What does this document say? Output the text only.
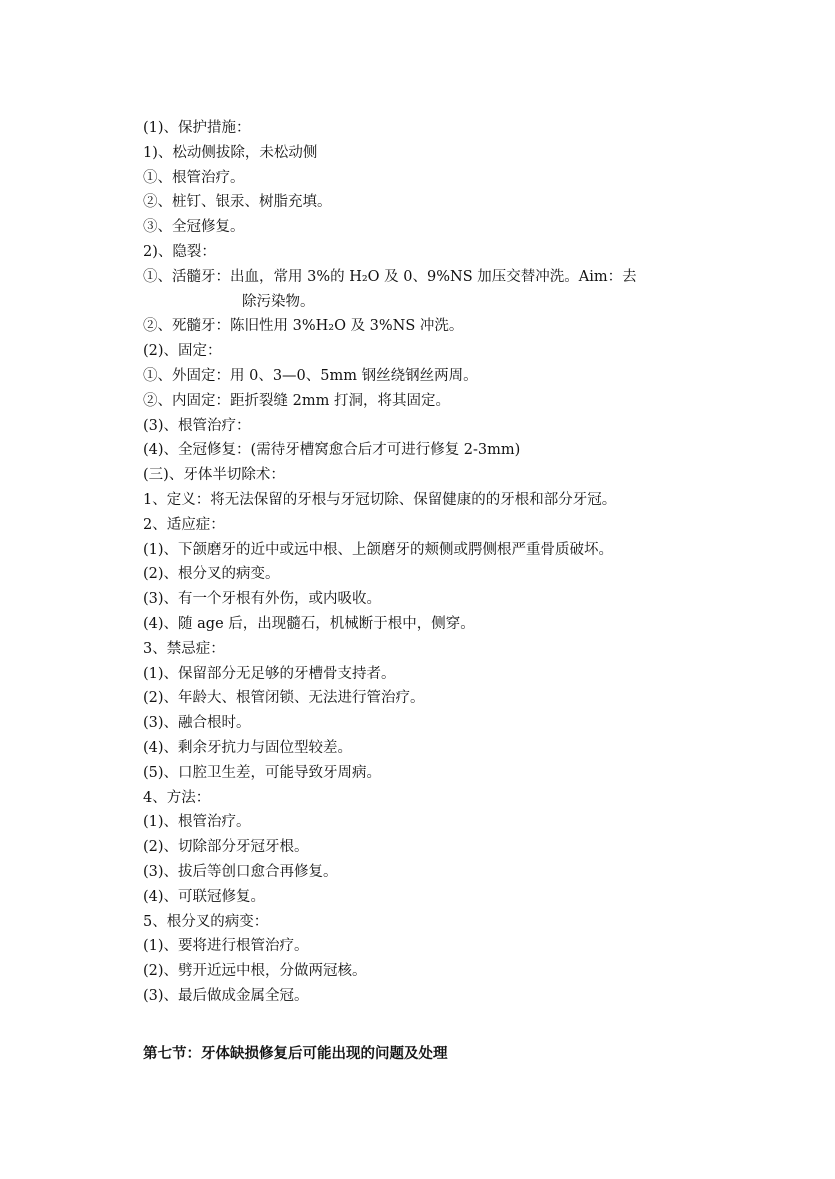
(1)、保护措施：
1)、松动侧拔除，未松动侧
①、根管治疗。
②、桩钉、银汞、树脂充填。
③、全冠修复。
2)、隐裂：
①、活髓牙：出血，常用 3%的 H₂O 及 0、9%NS 加压交替冲洗。Aim：去
除污染物。
②、死髓牙：陈旧性用 3%H₂O 及 3%NS 冲洗。
(2)、固定：
①、外固定：用 0、3—0、5mm 钢丝绕钢丝两周。
②、内固定：距折裂缝 2mm 打洞，将其固定。
(3)、根管治疗：
(4)、全冠修复：(需待牙槽窝愈合后才可进行修复 2-3mm)
(三)、牙体半切除术：
1、定义：将无法保留的牙根与牙冠切除、保留健康的的牙根和部分牙冠。
2、适应症：
(1)、下颌磨牙的近中或远中根、上颌磨牙的颊侧或腭侧根严重骨质破坏。
(2)、根分叉的病变。
(3)、有一个牙根有外伤，或内吸收。
(4)、随 age 后，出现髓石，机械断于根中，侧穿。
3、禁忌症：
(1)、保留部分无足够的牙槽骨支持者。
(2)、年龄大、根管闭锁、无法进行管治疗。
(3)、融合根时。
(4)、剩余牙抗力与固位型较差。
(5)、口腔卫生差，可能导致牙周病。
4、方法：
(1)、根管治疗。
(2)、切除部分牙冠牙根。
(3)、拔后等创口愈合再修复。
(4)、可联冠修复。
5、根分叉的病变：
(1)、要将进行根管治疗。
(2)、劈开近远中根，分做两冠核。
(3)、最后做成金属全冠。
第七节：牙体缺损修复后可能出现的问题及处理
